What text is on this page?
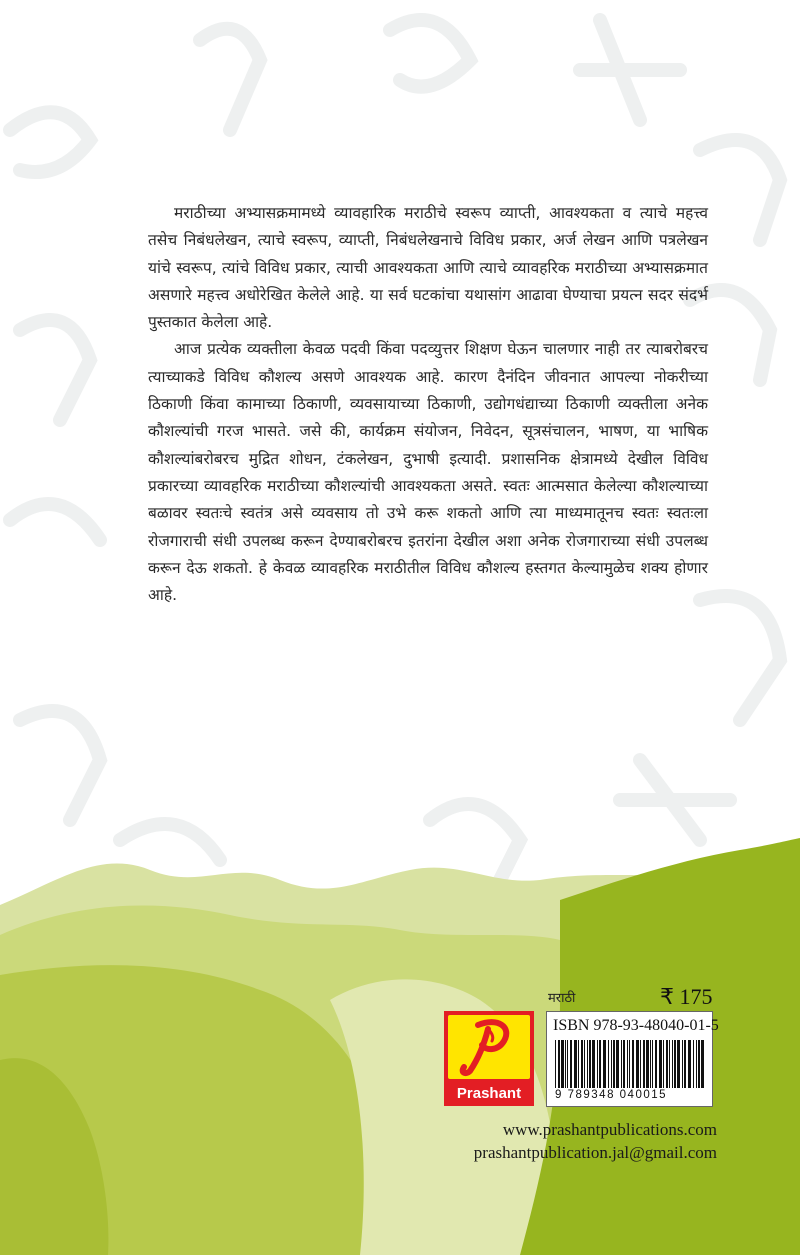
मराठीच्या अभ्यासक्रमामध्ये व्यावहारिक मराठीचे स्वरूप व्याप्ती, आवश्यकता व त्याचे महत्त्व तसेच निबंधलेखन, त्याचे स्वरूप, व्याप्ती, निबंधलेखनाचे विविध प्रकार, अर्ज लेखन आणि पत्रलेखन यांचे स्वरूप, त्यांचे विविध प्रकार, त्याची आवश्यकता आणि त्याचे व्यावहरिक मराठीच्या अभ्यासक्रमात असणारे महत्त्व अधोरेखित केलेले आहे. या सर्व घटकांचा यथासांग आढावा घेण्याचा प्रयत्न सदर संदर्भ पुस्तकात केलेला आहे.

आज प्रत्येक व्यक्तीला केवळ पदवी किंवा पदव्युत्तर शिक्षण घेऊन चालणार नाही तर त्याबरोबरच त्याच्याकडे विविध कौशल्य असणे आवश्यक आहे. कारण दैनंदिन जीवनात आपल्या नोकरीच्या ठिकाणी किंवा कामाच्या ठिकाणी, व्यवसायाच्या ठिकाणी, उद्योगधंद्याच्या ठिकाणी व्यक्तीला अनेक कौशल्यांची गरज भासते. जसे की, कार्यक्रम संयोजन, निवेदन, सूत्रसंचालन, भाषण, या भाषिक कौशल्यांबरोबरच मुद्रित शोधन, टंकलेखन, दुभाषी इत्यादी. प्रशासनिक क्षेत्रामध्ये देखील विविध प्रकारच्या व्यावहरिक मराठीच्या कौशल्यांची आवश्यकता असते. स्वतः आत्मसात केलेल्या कौशल्याच्या बळावर स्वतःचे स्वतंत्र असे व्यवसाय तो उभे करू शकतो आणि त्या माध्यमातूनच स्वतः स्वतःला रोजगाराची संधी उपलब्ध करून देण्याबरोबरच इतरांना देखील अशा अनेक रोजगाराच्या संधी उपलब्ध करून देऊ शकतो. हे केवळ व्यावहरिक मराठीतील विविध कौशल्य हस्तगत केल्यामुळेच शक्य होणार आहे.

मराठी	₹ 175
Prashant
ISBN 978-93-48040-01-5
9 789348 040015
www.prashantpublications.com
prashantpublication.jal@gmail.com
